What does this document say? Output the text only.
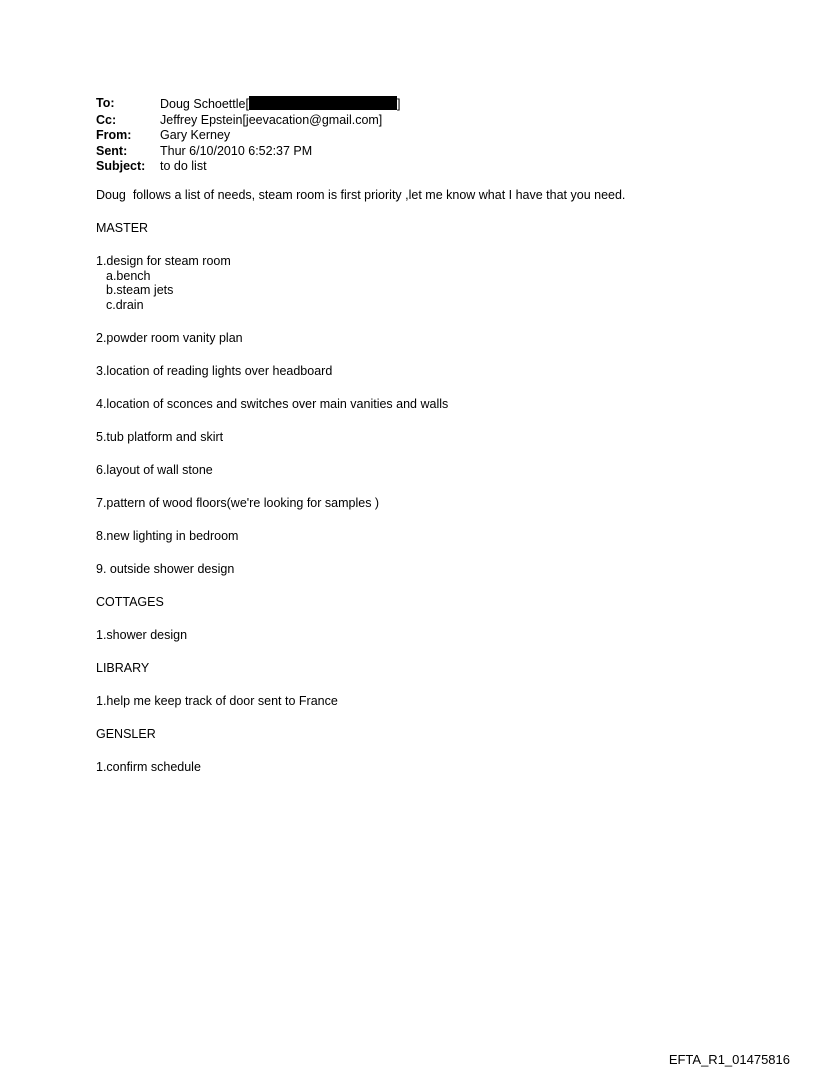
To:	Doug Schoettle[	]
Cc:	Jeffrey Epstein[jeevacation@gmail.com]
From:	Gary Kerney
Sent:	Thur 6/10/2010 6:52:37 PM
Subject:	to do list
Doug  follows a list of needs, steam room is first priority ,let me know what I have that you need.
MASTER
1.design for steam room
a.bench
b.steam jets
c.drain
2.powder room vanity plan
3.location of reading lights over headboard
4.location of sconces and switches over main vanities and walls
5.tub platform and skirt
6.layout of wall stone
7.pattern of wood floors(we're looking for samples )
8.new lighting in bedroom
9. outside shower design
COTTAGES
1.shower design
LIBRARY
1.help me keep track of door sent to France
GENSLER
1.confirm schedule
EFTA_R1_01475816
